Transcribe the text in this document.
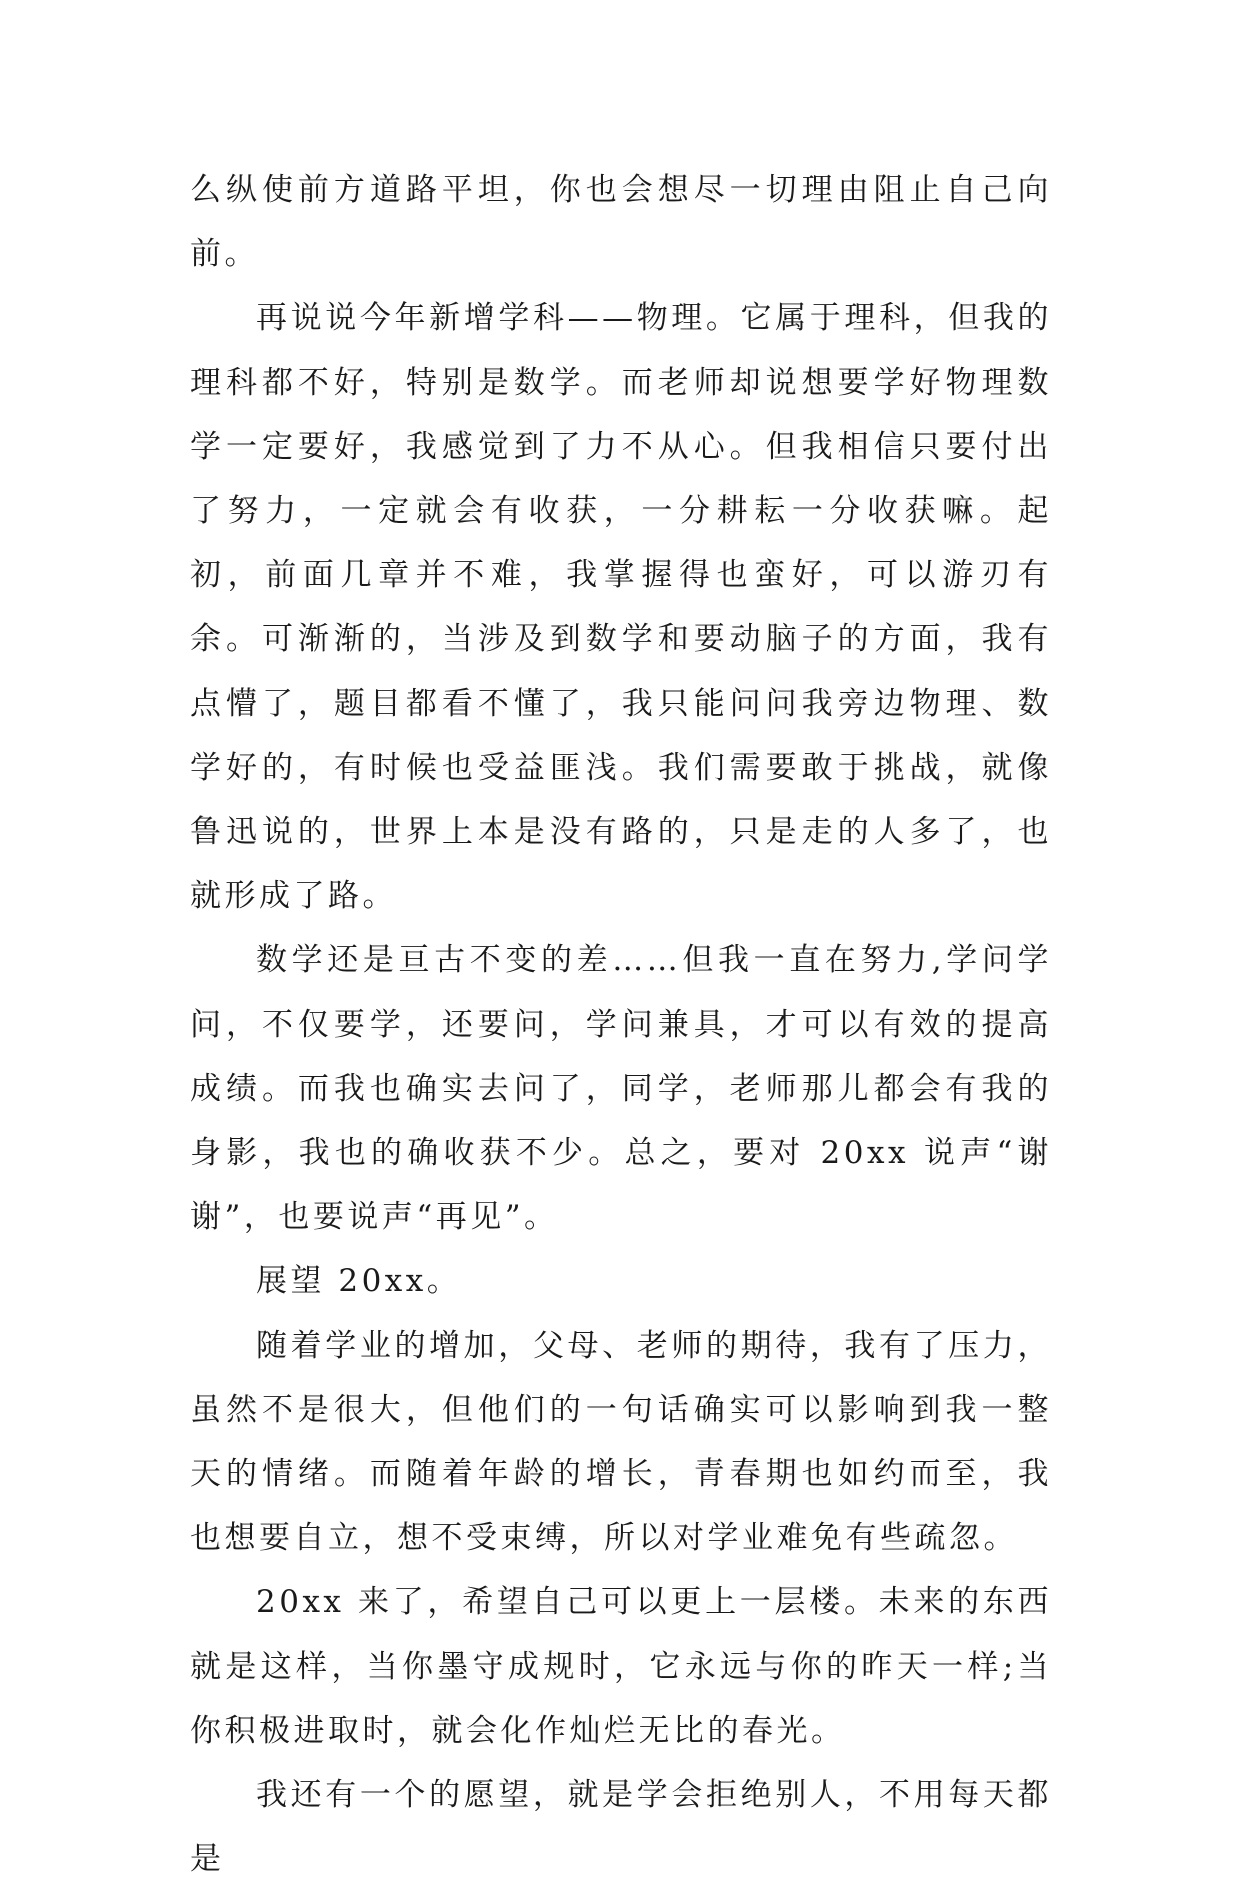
么纵使前方道路平坦，你也会想尽一切理由阻止自己向前。

再说说今年新增学科——物理。它属于理科，但我的理科都不好，特别是数学。而老师却说想要学好物理数学一定要好，我感觉到了力不从心。但我相信只要付出了努力，一定就会有收获，一分耕耘一分收获嘛。起初，前面几章并不难，我掌握得也蛮好，可以游刃有余。可渐渐的，当涉及到数学和要动脑子的方面，我有点懵了，题目都看不懂了，我只能问问我旁边物理、数学好的，有时候也受益匪浅。我们需要敢于挑战，就像鲁迅说的，世界上本是没有路的，只是走的人多了，也就形成了路。

数学还是亘古不变的差……但我一直在努力,学问学问，不仅要学，还要问，学问兼具，才可以有效的提高成绩。而我也确实去问了，同学，老师那儿都会有我的身影，我也的确收获不少。总之，要对 20xx 说声“谢谢”，也要说声“再见”。

展望 20xx。

随着学业的增加，父母、老师的期待，我有了压力，虽然不是很大，但他们的一句话确实可以影响到我一整天的情绪。而随着年龄的增长，青春期也如约而至，我也想要自立，想不受束缚，所以对学业难免有些疏忽。

20xx 来了，希望自己可以更上一层楼。未来的东西就是这样，当你墨守成规时，它永远与你的昨天一样;当你积极进取时，就会化作灿烂无比的春光。

我还有一个的愿望，就是学会拒绝别人，不用每天都是
